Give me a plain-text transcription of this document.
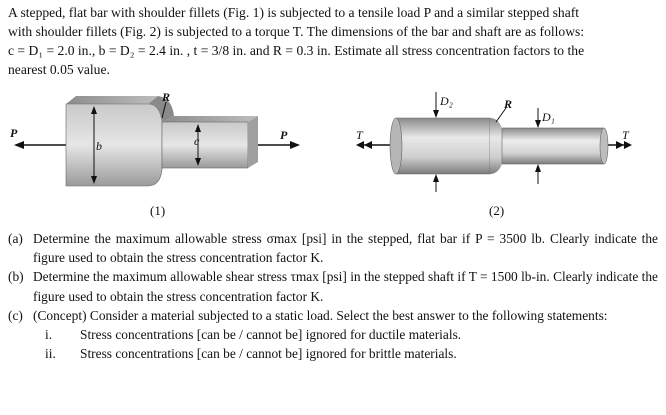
A stepped, flat bar with shoulder fillets (Fig. 1) is subjected to a tensile load P and a similar stepped shaft

with shoulder fillets (Fig. 2) is subjected to a torque T. The dimensions of the bar and shaft are as follows:

c = D₁ = 2.0 in., b = D₂ = 2.4 in. , t = 3/8 in. and R = 0.3 in. Estimate all stress concentration factors to the

nearest 0.05 value.

P	P
R
b	c
(1)
T	T
R
D₂
D₁
(2)
(a) Determine the maximum allowable stress σmax [psi] in the stepped, flat bar if P = 3500 lb. Clearly indicate the figure used to obtain the stress concentration factor K.
(b) Determine the maximum allowable shear stress τmax [psi] in the stepped shaft if T = 1500 lb-in. Clearly indicate the figure used to obtain the stress concentration factor K.
(c) (Concept) Consider a material subjected to a static load. Select the best answer to the following statements:
i. Stress concentrations [can be / cannot be] ignored for ductile materials.
ii. Stress concentrations [can be / cannot be] ignored for brittle materials.
